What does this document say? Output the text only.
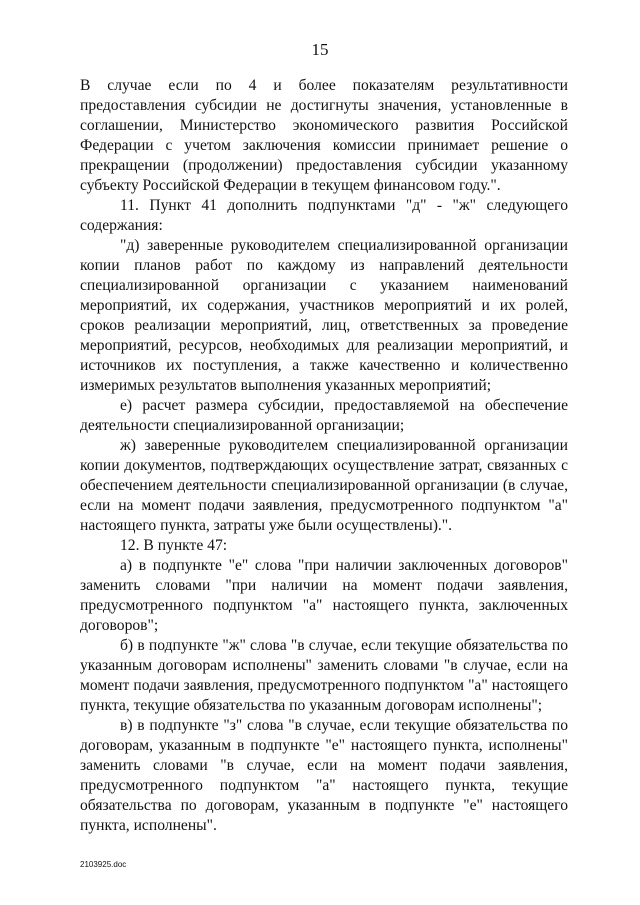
15

В случае если по 4 и более показателям результативности предоставления субсидии не достигнуты значения, установленные в соглашении, Министерство экономического развития Российской Федерации с учетом заключения комиссии принимает решение о прекращении (продолжении) предоставления субсидии указанному субъекту Российской Федерации в текущем финансовом году.".

11. Пункт 41 дополнить подпунктами "д" - "ж" следующего содержания:

"д) заверенные руководителем специализированной организации копии планов работ по каждому из направлений деятельности специализированной организации с указанием наименований мероприятий, их содержания, участников мероприятий и их ролей, сроков реализации мероприятий, лиц, ответственных за проведение мероприятий, ресурсов, необходимых для реализации мероприятий, и источников их поступления, а также качественно и количественно измеримых результатов выполнения указанных мероприятий;

е) расчет размера субсидии, предоставляемой на обеспечение деятельности специализированной организации;

ж) заверенные руководителем специализированной организации копии документов, подтверждающих осуществление затрат, связанных с обеспечением деятельности специализированной организации (в случае, если на момент подачи заявления, предусмотренного подпунктом "а" настоящего пункта, затраты уже были осуществлены).".

12. В пункте 47:

а) в подпункте "е" слова "при наличии заключенных договоров" заменить словами "при наличии на момент подачи заявления, предусмотренного подпунктом "а" настоящего пункта, заключенных договоров";

б) в подпункте "ж" слова "в случае, если текущие обязательства по указанным договорам исполнены" заменить словами "в случае, если на момент подачи заявления, предусмотренного подпунктом "а" настоящего пункта, текущие обязательства по указанным договорам исполнены";

в) в подпункте "з" слова "в случае, если текущие обязательства по договорам, указанным в подпункте "е" настоящего пункта, исполнены" заменить словами "в случае, если на момент подачи заявления, предусмотренного подпунктом "а" настоящего пункта, текущие обязательства по договорам, указанным в подпункте "е" настоящего пункта, исполнены".

2103925.doc
